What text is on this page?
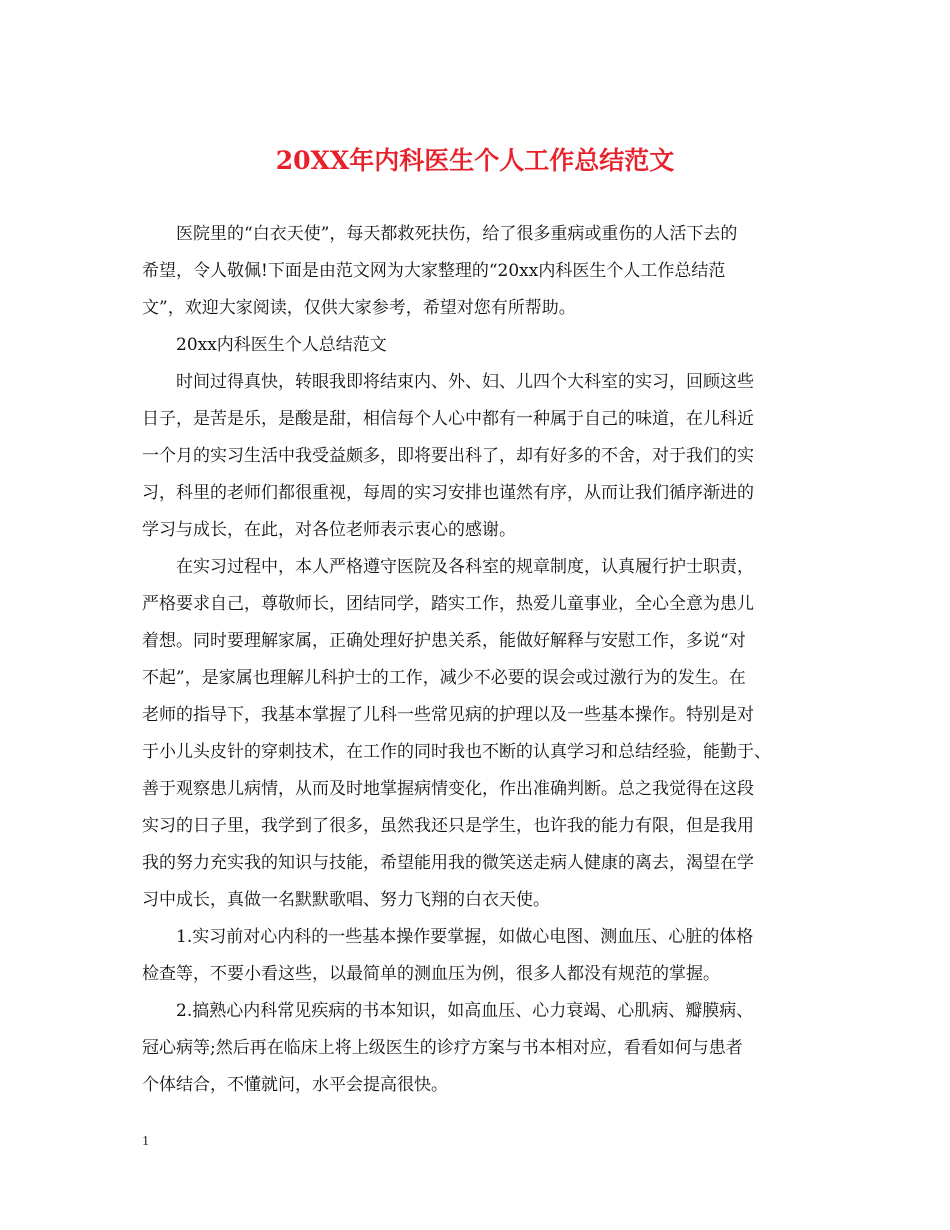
20XX年内科医生个人工作总结范文
医院里的“白衣天使”，每天都救死扶伤，给了很多重病或重伤的人活下去的
希望，令人敬佩!下面是由范文网为大家整理的“20xx内科医生个人工作总结范
文”，欢迎大家阅读，仅供大家参考，希望对您有所帮助。
20xx内科医生个人总结范文
时间过得真快，转眼我即将结束内、外、妇、儿四个大科室的实习，回顾这些
日子，是苦是乐，是酸是甜，相信每个人心中都有一种属于自己的味道，在儿科近
一个月的实习生活中我受益颇多，即将要出科了，却有好多的不舍，对于我们的实
习，科里的老师们都很重视，每周的实习安排也谨然有序，从而让我们循序渐进的
学习与成长，在此，对各位老师表示衷心的感谢。
在实习过程中，本人严格遵守医院及各科室的规章制度，认真履行护士职责，
严格要求自己，尊敬师长，团结同学，踏实工作，热爱儿童事业，全心全意为患儿
着想。同时要理解家属，正确处理好护患关系，能做好解释与安慰工作，多说“对
不起”，是家属也理解儿科护士的工作，减少不必要的误会或过激行为的发生。在
老师的指导下，我基本掌握了儿科一些常见病的护理以及一些基本操作。特别是对
于小儿头皮针的穿刺技术，在工作的同时我也不断的认真学习和总结经验，能勤于、
善于观察患儿病情，从而及时地掌握病情变化，作出准确判断。总之我觉得在这段
实习的日子里，我学到了很多，虽然我还只是学生，也许我的能力有限，但是我用
我的努力充实我的知识与技能，希望能用我的微笑送走病人健康的离去，渴望在学
习中成长，真做一名默默歌唱、努力飞翔的白衣天使。
1.实习前对心内科的一些基本操作要掌握，如做心电图、测血压、心脏的体格
检查等，不要小看这些，以最简单的测血压为例，很多人都没有规范的掌握。
2.搞熟心内科常见疾病的书本知识，如高血压、心力衰竭、心肌病、瓣膜病、
冠心病等;然后再在临床上将上级医生的诊疗方案与书本相对应，看看如何与患者
个体结合，不懂就问，水平会提高很快。
1
